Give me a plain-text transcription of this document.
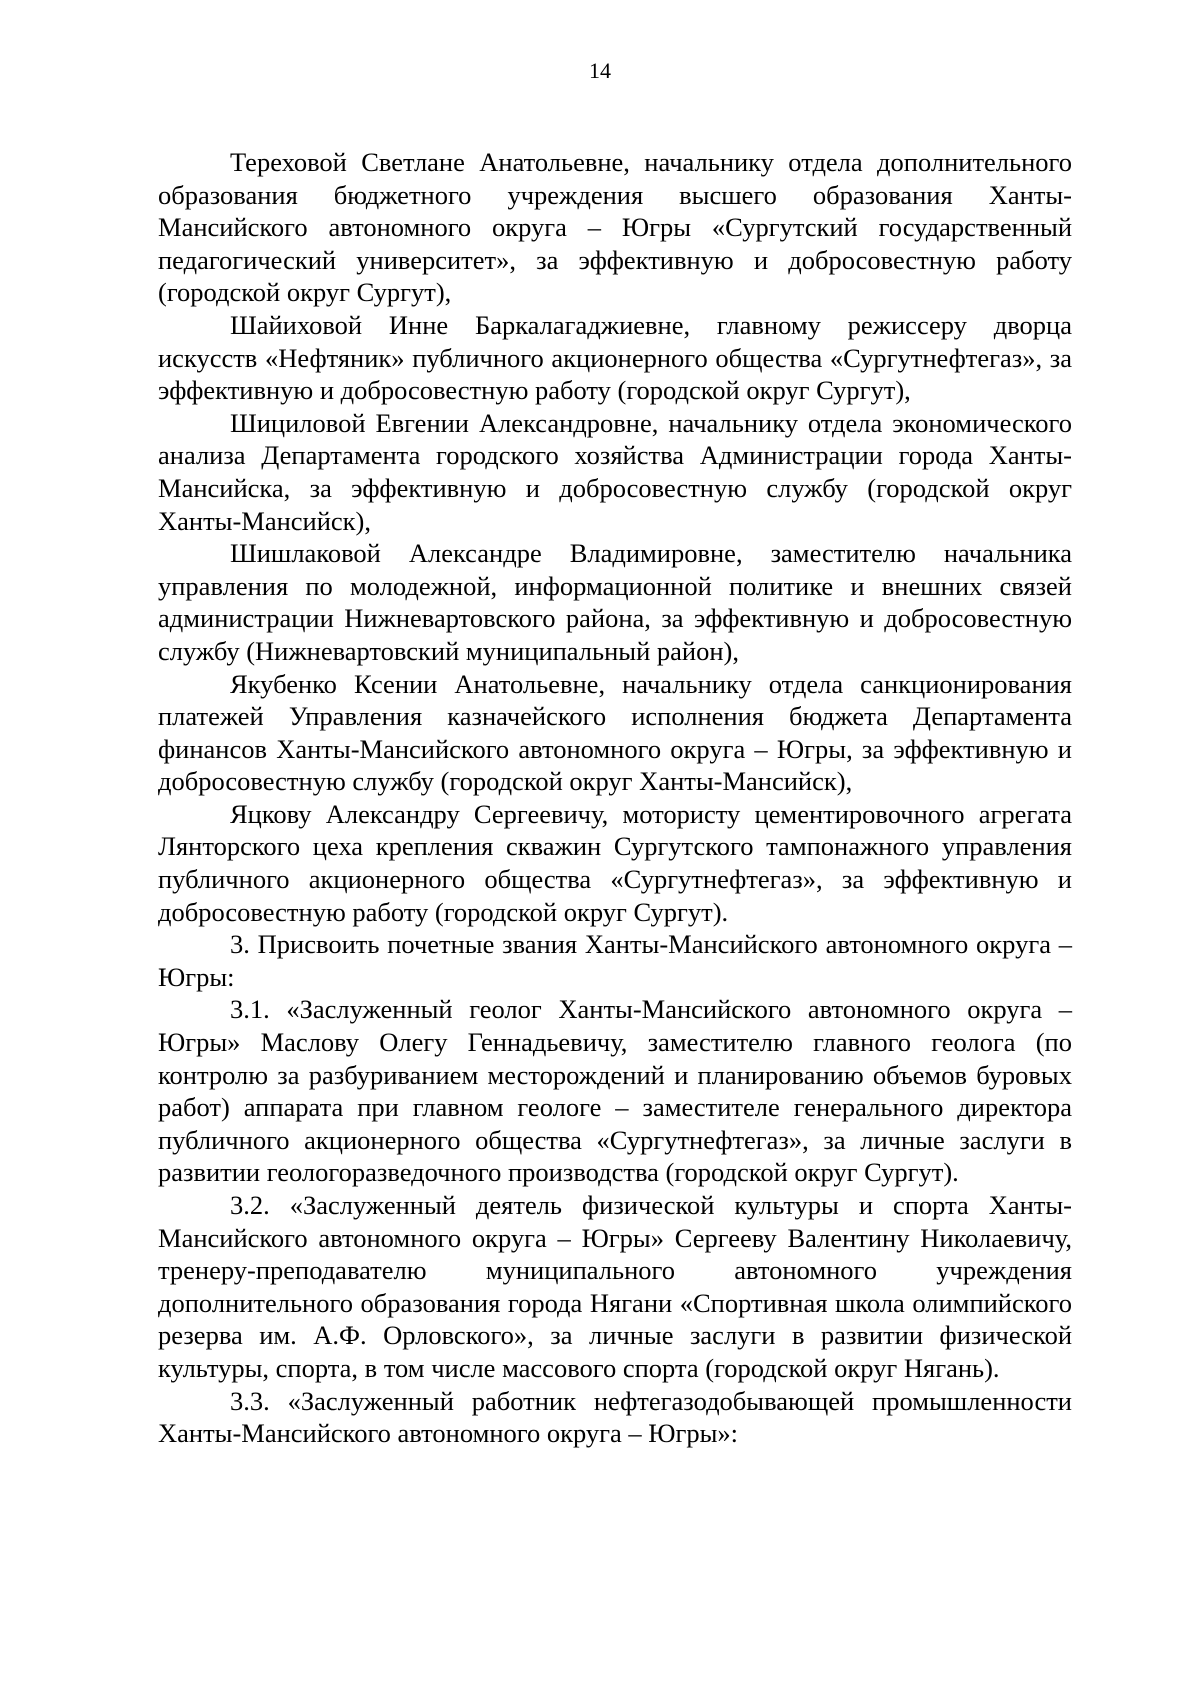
14

Тереховой Светлане Анатольевне, начальнику отдела дополнительного образования бюджетного учреждения высшего образования Ханты-Мансийского автономного округа – Югры «Сургутский государственный педагогический университет», за эффективную и добросовестную работу (городской округ Сургут),

Шайиховой Инне Баркалагаджиевне, главному режиссеру дворца искусств «Нефтяник» публичного акционерного общества «Сургутнефтегаз», за эффективную и добросовестную работу (городской округ Сургут),

Шициловой Евгении Александровне, начальнику отдела экономического анализа Департамента городского хозяйства Администрации города Ханты-Мансийска, за эффективную и добросовестную службу (городской округ Ханты-Мансийск),

Шишлаковой Александре Владимировне, заместителю начальника управления по молодежной, информационной политике и внешних связей администрации Нижневартовского района, за эффективную и добросовестную службу (Нижневартовский муниципальный район),

Якубенко Ксении Анатольевне, начальнику отдела санкционирования платежей Управления казначейского исполнения бюджета Департамента финансов Ханты-Мансийского автономного округа – Югры, за эффективную и добросовестную службу (городской округ Ханты-Мансийск),

Яцкову Александру Сергеевичу, мотористу цементировочного агрегата Лянторского цеха крепления скважин Сургутского тампонажного управления публичного акционерного общества «Сургутнефтегаз», за эффективную и добросовестную работу (городской округ Сургут).

3. Присвоить почетные звания Ханты-Мансийского автономного округа – Югры:

3.1. «Заслуженный геолог Ханты-Мансийского автономного округа – Югры» Маслову Олегу Геннадьевичу, заместителю главного геолога (по контролю за разбуриванием месторождений и планированию объемов буровых работ) аппарата при главном геологе – заместителе генерального директора публичного акционерного общества «Сургутнефтегаз», за личные заслуги в развитии геологоразведочного производства (городской округ Сургут).

3.2. «Заслуженный деятель физической культуры и спорта Ханты-Мансийского автономного округа – Югры» Сергееву Валентину Николаевичу, тренеру-преподавателю муниципального автономного учреждения дополнительного образования города Нягани «Спортивная школа олимпийского резерва им. А.Ф. Орловского», за личные заслуги в развитии физической культуры, спорта, в том числе массового спорта (городской округ Нягань).

3.3. «Заслуженный работник нефтегазодобывающей промышленности Ханты-Мансийского автономного округа – Югры»:
